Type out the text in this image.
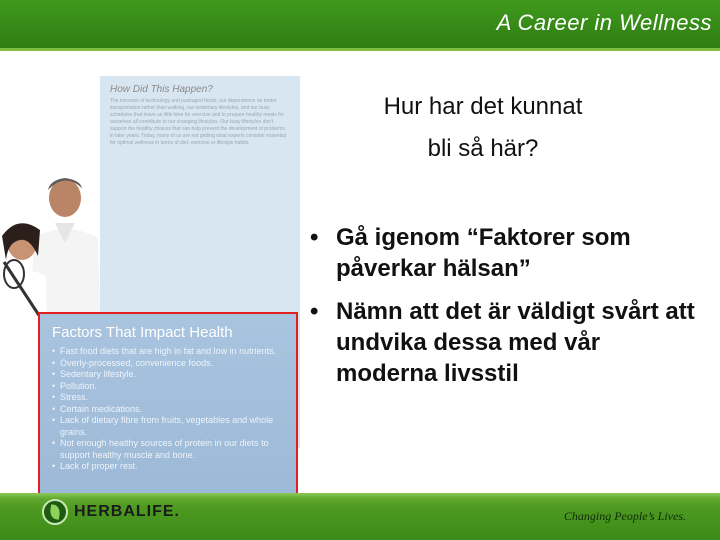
A Career in Wellness
How Did This Happen?
The increase of technology and packaged foods, our dependence on motor transportation rather than walking, our sedentary lifestyles, and our busy schedules that leave us little time for exercise and to prepare healthy meals for ourselves all contribute to our changing lifestyles. Our busy lifestyles don't support the healthy choices that can help prevent the development of problems in later years. Today, many of us are not getting what experts consider essential for optimal wellness in terms of diet, exercise or lifestyle habits.
Factors That Impact Health
• Fast food diets that are high in fat and low in nutrients.
• Overly-processed, convenience foods.
• Sedentary lifestyle.
• Pollution.
• Stress.
• Certain medications.
• Lack of dietary fibre from fruits, vegetables and whole grains.
• Not enough healthy sources of protein in our diets to support healthy muscle and bone.
• Lack of proper rest.
Hur har det kunnat
bli så här?
• Gå igenom “Faktorer som påverkar hälsan”
• Nämn att det är väldigt svårt att undvika dessa med vår moderna livsstil
HERBALIFE.	Changing People’s Lives.
